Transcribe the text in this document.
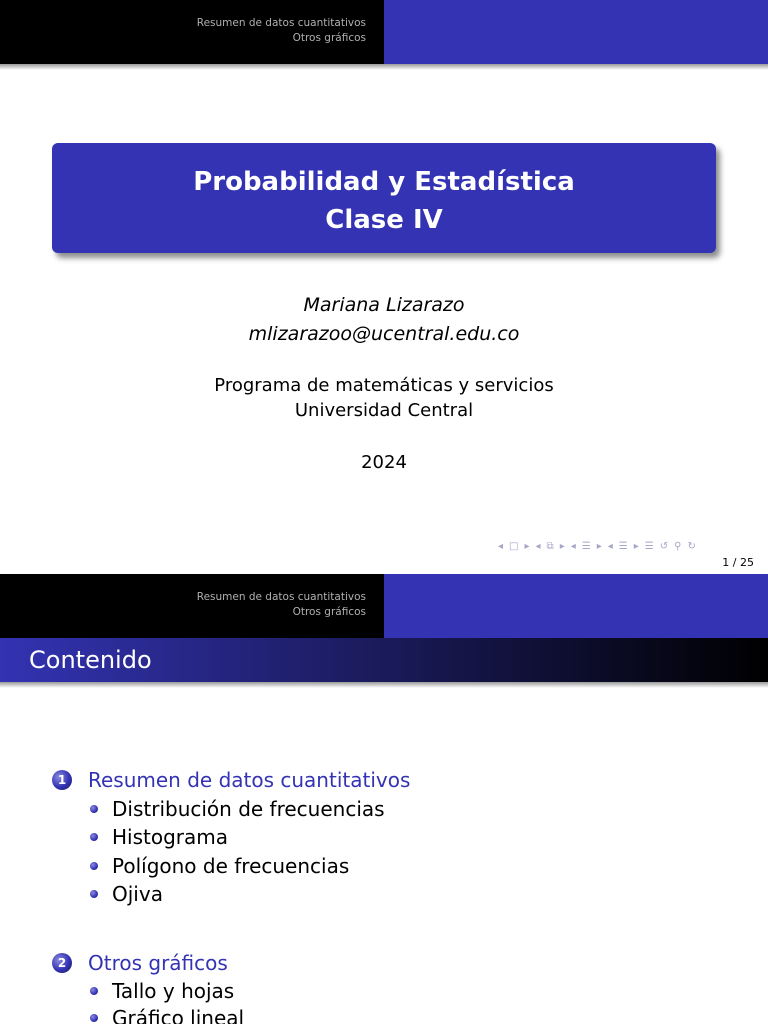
Resumen de datos cuantitativos
Otros gráficos
Probabilidad y Estadística
Clase IV
Mariana Lizarazo
mlizarazoo@ucentral.edu.co
Programa de matemáticas y servicios
Universidad Central
2024
◂ □ ▸ ◂ ⧉ ▸ ◂ ☰ ▸ ◂ ☰ ▸ ☰ ↺ ⚲ ↻
1 / 25
Resumen de datos cuantitativos
Otros gráficos
Contenido
1 Resumen de datos cuantitativos
Distribución de frecuencias
Histograma
Polígono de frecuencias
Ojiva
2 Otros gráficos
Tallo y hojas
Gráfico lineal
